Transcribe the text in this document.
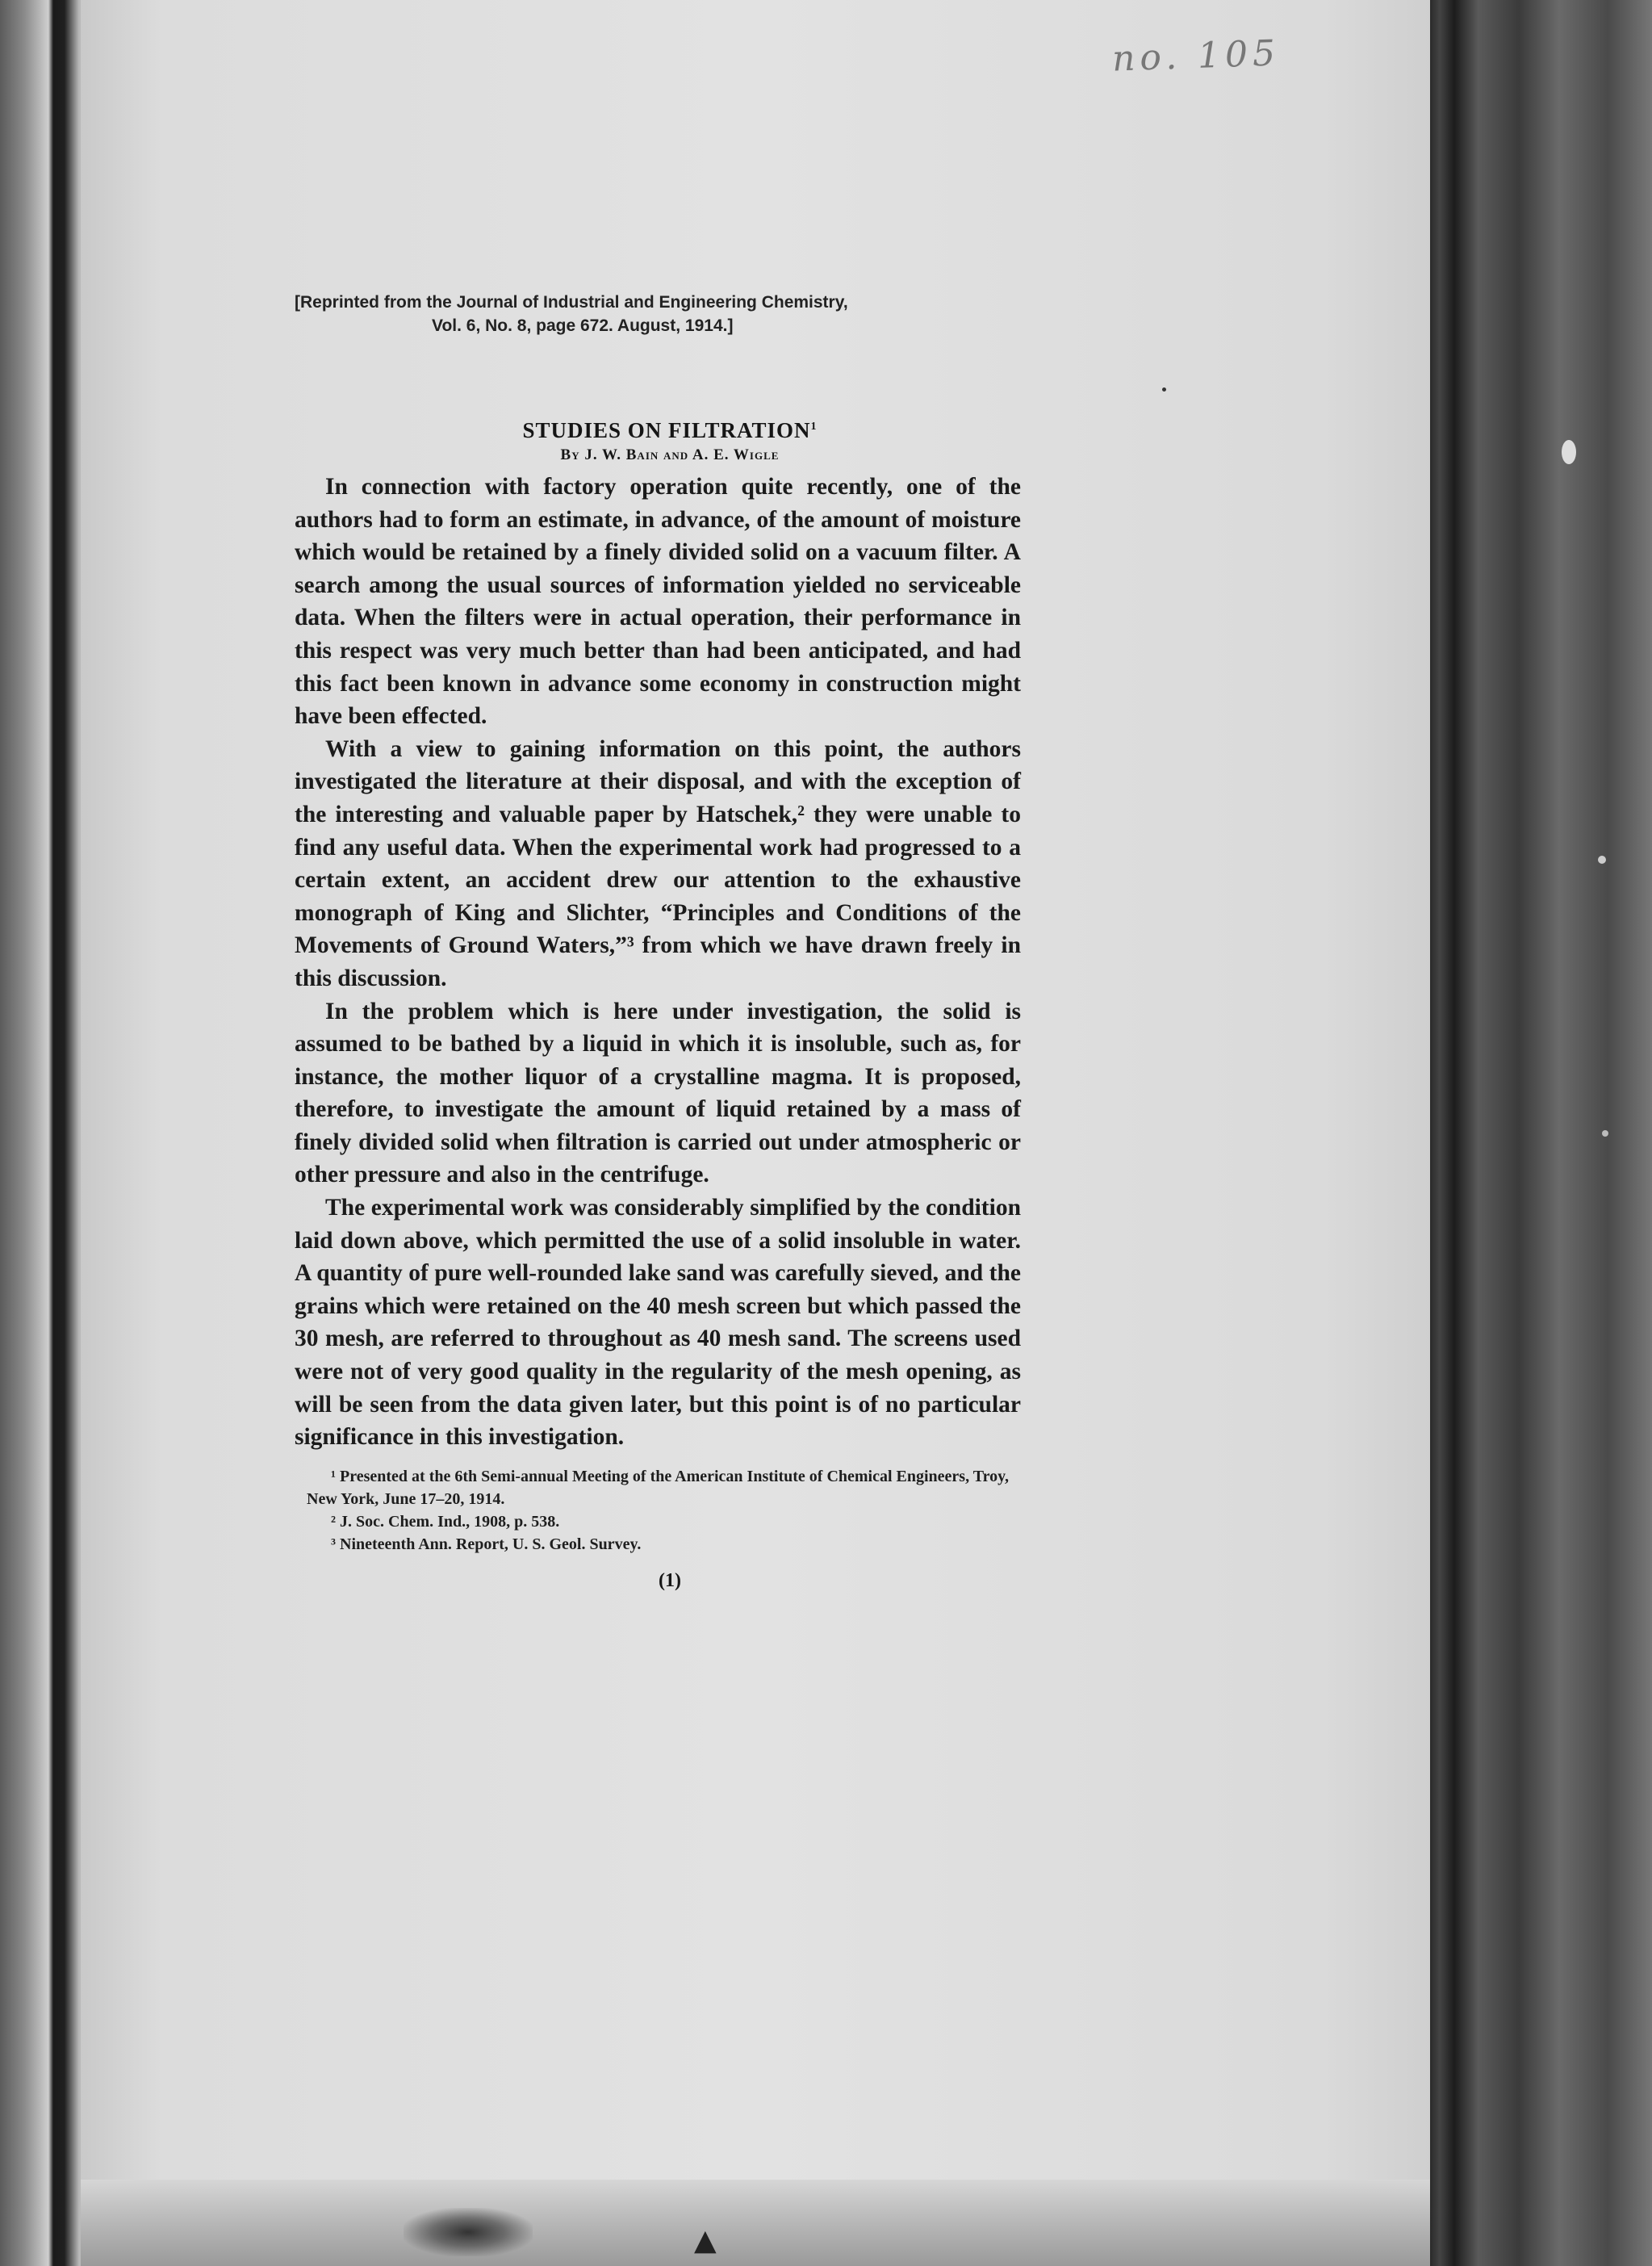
▲
no. 105
[Reprinted from the Journal of Industrial and Engineering Chemistry,
Vol. 6, No. 8, page 672. August, 1914.]
STUDIES ON FILTRATION$^1$
By J. W. Bain and A. E. Wigle

In connection with factory operation quite recently, one of the authors had to form an estimate, in advance, of the amount of moisture which would be retained by a finely divided solid on a vacuum filter. A search among the usual sources of information yielded no serviceable data. When the filters were in actual operation, their performance in this respect was very much better than had been anticipated, and had this fact been known in advance some economy in construction might have been effected.

With a view to gaining information on this point, the authors investigated the literature at their disposal, and with the exception of the interesting and valuable paper by Hatschek,² they were unable to find any useful data. When the experimental work had progressed to a certain extent, an accident drew our attention to the exhaustive monograph of King and Slichter, “Principles and Conditions of the Movements of Ground Waters,”³ from which we have drawn freely in this discussion.

In the problem which is here under investigation, the solid is assumed to be bathed by a liquid in which it is insoluble, such as, for instance, the mother liquor of a crystalline magma. It is proposed, therefore, to investigate the amount of liquid retained by a mass of finely divided solid when filtration is carried out under atmospheric or other pressure and also in the centrifuge.

The experimental work was considerably simplified by the condition laid down above, which permitted the use of a solid insoluble in water. A quantity of pure well-rounded lake sand was carefully sieved, and the grains which were retained on the 40 mesh screen but which passed the 30 mesh, are referred to throughout as 40 mesh sand. The screens used were not of very good quality in the regularity of the mesh opening, as will be seen from the data given later, but this point is of no particular significance in this investigation.

¹ Presented at the 6th Semi-annual Meeting of the American Institute of Chemical Engineers, Troy, New York, June 17–20, 1914.
² J. Soc. Chem. Ind., 1908, p. 538.
³ Nineteenth Ann. Report, U. S. Geol. Survey.
(1)
